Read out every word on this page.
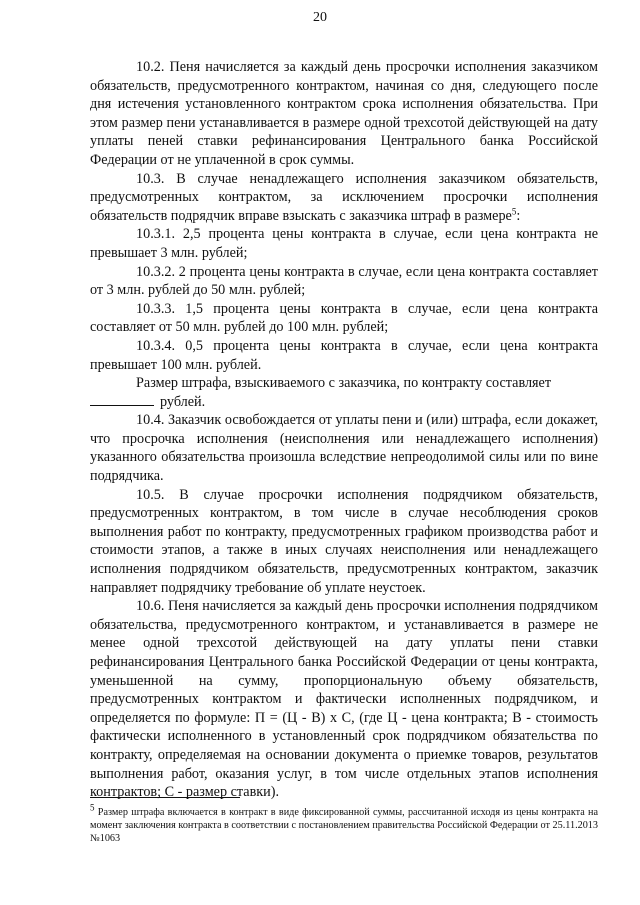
20

10.2. Пеня начисляется за каждый день просрочки исполнения заказчиком обязательств, предусмотренного контрактом, начиная со дня, следующего после дня истечения установленного контрактом срока исполнения обязательства. При этом размер пени устанавливается в размере одной трехсотой действующей на дату уплаты пеней ставки рефинансирования Центрального банка Российской Федерации от не уплаченной в срок суммы.

10.3. В случае ненадлежащего исполнения заказчиком обязательств, предусмотренных контрактом, за исключением просрочки исполнения обязательств подрядчик вправе взыскать с заказчика штраф в размере$^5$:

10.3.1. 2,5 процента цены контракта в случае, если цена контракта не превышает 3 млн. рублей;

10.3.2. 2 процента цены контракта в случае, если цена контракта составляет от 3 млн. рублей до 50 млн. рублей;

10.3.3. 1,5 процента цены контракта в случае, если цена контракта составляет от 50 млн. рублей до 100 млн. рублей;

10.3.4. 0,5 процента цены контракта в случае, если цена контракта превышает 100 млн. рублей.

Размер штрафа, взыскиваемого с заказчика, по контракту составляет

рублей.

10.4. Заказчик освобождается от уплаты пени и (или) штрафа, если докажет, что просрочка исполнения (неисполнения или ненадлежащего исполнения) указанного обязательства произошла вследствие непреодолимой силы или по вине подрядчика.

10.5. В случае просрочки исполнения подрядчиком обязательств, предусмотренных контрактом, в том числе в случае несоблюдения сроков выполнения работ по контракту, предусмотренных графиком производства работ и стоимости этапов, а также в иных случаях неисполнения или ненадлежащего исполнения подрядчиком обязательств, предусмотренных контрактом, заказчик направляет подрядчику требование об уплате неустоек.

10.6. Пеня начисляется за каждый день просрочки исполнения подрядчиком обязательства, предусмотренного контрактом, и устанавливается в размере не менее одной трехсотой действующей на дату уплаты пени ставки рефинансирования Центрального банка Российской Федерации от цены контракта, уменьшенной на сумму, пропорциональную объему обязательств, предусмотренных контрактом и фактически исполненных подрядчиком, и определяется по формуле: П = (Ц - В) х С, (где Ц - цена контракта; В - стоимость фактически исполненного в установленный срок подрядчиком обязательства по контракту, определяемая на основании документа о приемке товаров, результатов выполнения работ, оказания услуг, в том числе отдельных этапов исполнения контрактов; С - размер ставки).

$^5$ Размер штрафа включается в контракт в виде фиксированной суммы, рассчитанной исходя из цены контракта на момент заключения контракта в соответствии с постановлением правительства Российской Федерации от 25.11.2013 №1063
